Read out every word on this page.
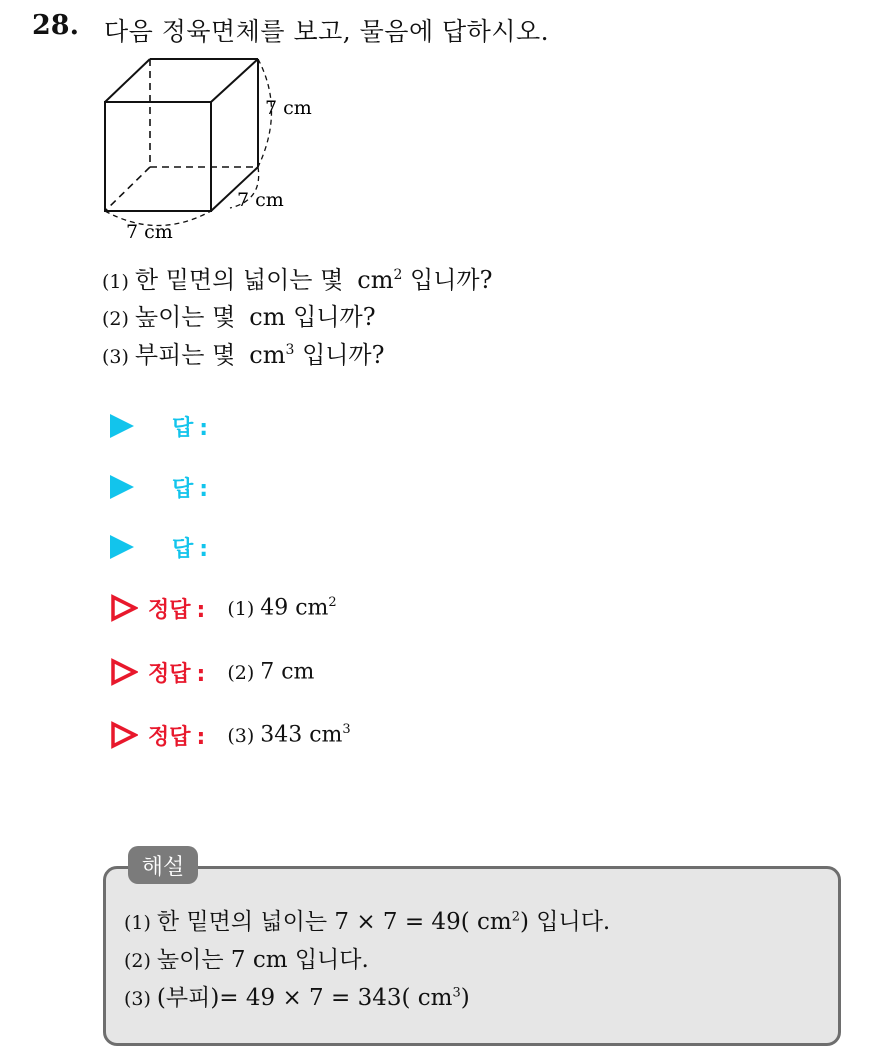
28. 다음 정육면체를 보고, 물음에 답하시오.
7 cm
7 cm
7 cm
(1) 한 밑면의 넓이는 몇 $cm^2$ 입니까?
(2) 높이는 몇 cm 입니까?
(3) 부피는 몇 $cm^3$ 입니까?
답 :
답 :
답 :
정답 : (1) 49 $cm^2$
정답 : (2) 7 cm
정답 : (3) 343 $cm^3$
해설
(1) 한 밑면의 넓이는 7 × 7 = 49( $cm^2$) 입니다.
(2) 높이는 7 cm 입니다.
(3) (부피)= 49 × 7 = 343( $cm^3$)
